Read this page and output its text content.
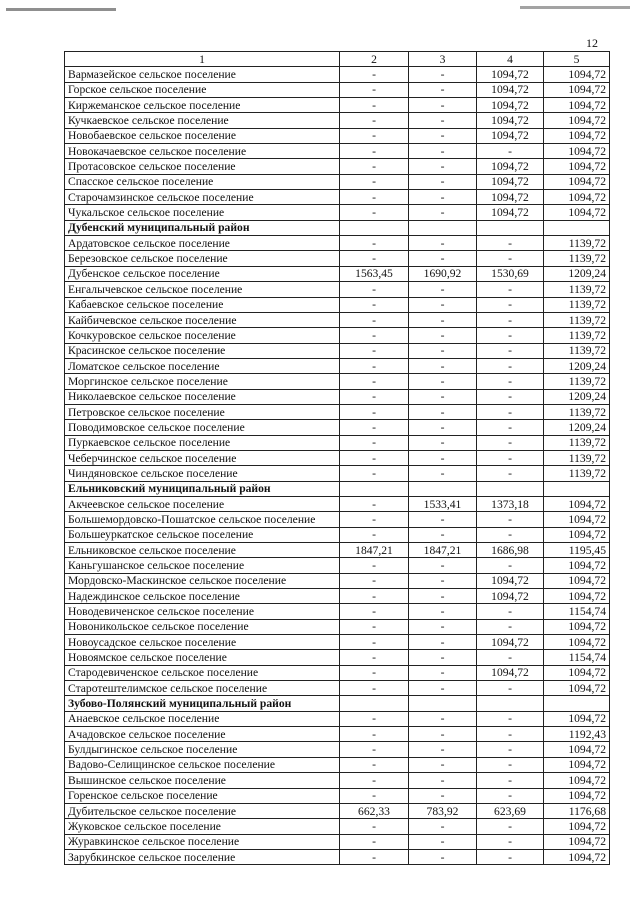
12
1	2	3	4	5
Вармазейское сельское поселение	-	-	1094,72	1094,72
Горское сельское поселение	-	-	1094,72	1094,72
Киржеманское сельское поселение	-	-	1094,72	1094,72
Кучкаевское сельское поселение	-	-	1094,72	1094,72
Новобаевское сельское поселение	-	-	1094,72	1094,72
Новокачаевское сельское поселение	-	-	-	1094,72
Протасовское сельское поселение	-	-	1094,72	1094,72
Спасское сельское поселение	-	-	1094,72	1094,72
Старочамзинское сельское поселение	-	-	1094,72	1094,72
Чукальское сельское поселение	-	-	1094,72	1094,72
Дубенский муниципальный район				
Ардатовское сельское поселение	-	-	-	1139,72
Березовское сельское поселение	-	-	-	1139,72
Дубенское сельское поселение	1563,45	1690,92	1530,69	1209,24
Енгалычевское сельское поселение	-	-	-	1139,72
Кабаевское сельское поселение	-	-	-	1139,72
Кайбичевское сельское поселение	-	-	-	1139,72
Кочкуровское сельское поселение	-	-	-	1139,72
Красинское сельское поселение	-	-	-	1139,72
Ломатское сельское поселение	-	-	-	1209,24
Моргинское сельское поселение	-	-	-	1139,72
Николаевское сельское поселение	-	-	-	1209,24
Петровское сельское поселение	-	-	-	1139,72
Поводимовское сельское поселение	-	-	-	1209,24
Пуркаевское сельское поселение	-	-	-	1139,72
Чеберчинское сельское поселение	-	-	-	1139,72
Чиндяновское сельское поселение	-	-	-	1139,72
Ельниковский муниципальный район				
Акчеевское сельское поселение	-	1533,41	1373,18	1094,72
Большемордовско-Пошатское сельское поселение	-	-	-	1094,72
Большеуркатское сельское поселение	-	-	-	1094,72
Ельниковское сельское поселение	1847,21	1847,21	1686,98	1195,45
Каньгушанское сельское поселение	-	-	-	1094,72
Мордовско-Маскинское сельское поселение	-	-	1094,72	1094,72
Надеждинское сельское поселение	-	-	1094,72	1094,72
Новодевиченское сельское поселение	-	-	-	1154,74
Новоникольское сельское поселение	-	-	-	1094,72
Новоусадское сельское поселение	-	-	1094,72	1094,72
Новоямское сельское поселение	-	-	-	1154,74
Стародевиченское сельское поселение	-	-	1094,72	1094,72
Старотештелимское сельское поселение	-	-	-	1094,72
Зубово-Полянский муниципальный район				
Анаевское сельское поселение	-	-	-	1094,72
Ачадовское сельское поселение	-	-	-	1192,43
Булдыгинское сельское поселение	-	-	-	1094,72
Вадово-Селищинское сельское поселение	-	-	-	1094,72
Вышинское сельское поселение	-	-	-	1094,72
Горенское сельское поселение	-	-	-	1094,72
Дубительское сельское поселение	662,33	783,92	623,69	1176,68
Жуковское сельское поселение	-	-	-	1094,72
Журавкинское сельское поселение	-	-	-	1094,72
Зарубкинское сельское поселение	-	-	-	1094,72
